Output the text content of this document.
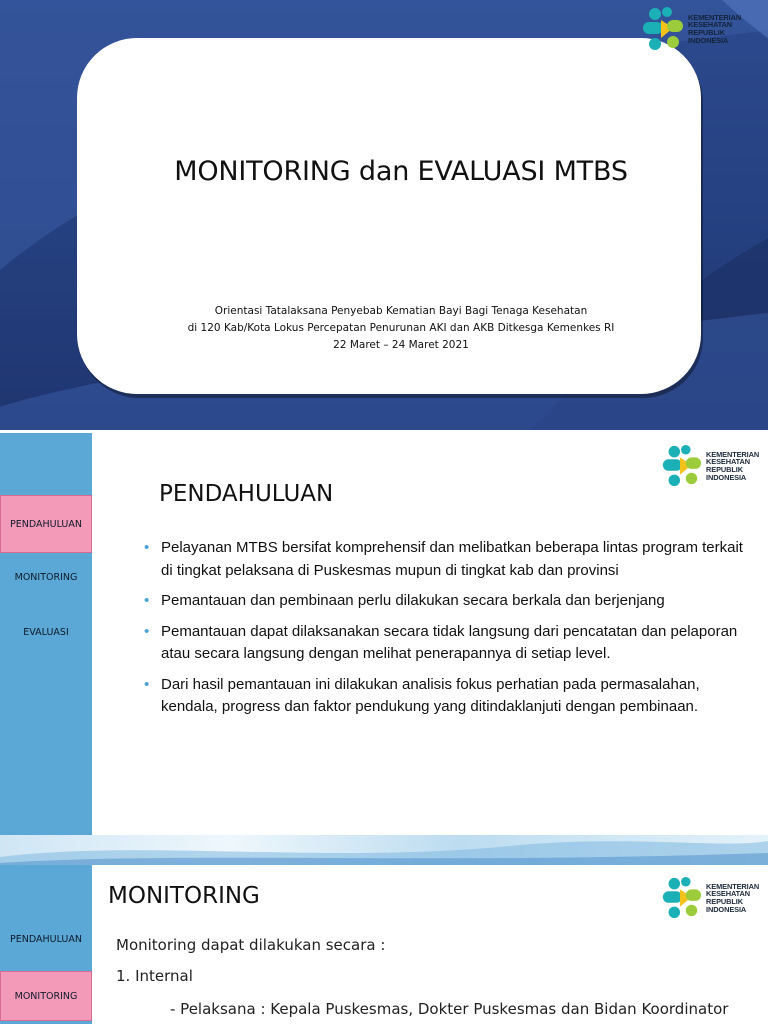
MONITORING dan EVALUASI MTBS
Orientasi Tatalaksana Penyebab Kematian Bayi Bagi Tenaga Kesehatan
di 120 Kab/Kota Lokus Percepatan Penurunan AKI dan AKB Ditkesga Kemenkes RI
22 Maret – 24 Maret 2021
KEMENTERIAN
KESEHATAN
REPUBLIK
INDONESIA
PENDAHULUAN
MONITORING
EVALUASI
PENDAHULUAN
• Pelayanan MTBS bersifat komprehensif dan melibatkan beberapa lintas program terkait di tingkat pelaksana di Puskesmas mupun di tingkat kab dan provinsi
• Pemantauan dan pembinaan perlu dilakukan secara berkala dan berjenjang
• Pemantauan dapat dilaksanakan secara tidak langsung dari pencatatan dan pelaporan atau secara langsung dengan melihat penerapannya di setiap level.
• Dari hasil pemantauan ini dilakukan analisis fokus perhatian pada permasalahan, kendala, progress dan faktor pendukung yang ditindaklanjuti dengan pembinaan.
KEMENTERIAN
KESEHATAN
REPUBLIK
INDONESIA
PENDAHULUAN
MONITORING
MONITORING
Monitoring dapat dilakukan secara :
1. Internal
- Pelaksana : Kepala Puskesmas, Dokter Puskesmas dan Bidan Koordinator
KEMENTERIAN
KESEHATAN
REPUBLIK
INDONESIA
